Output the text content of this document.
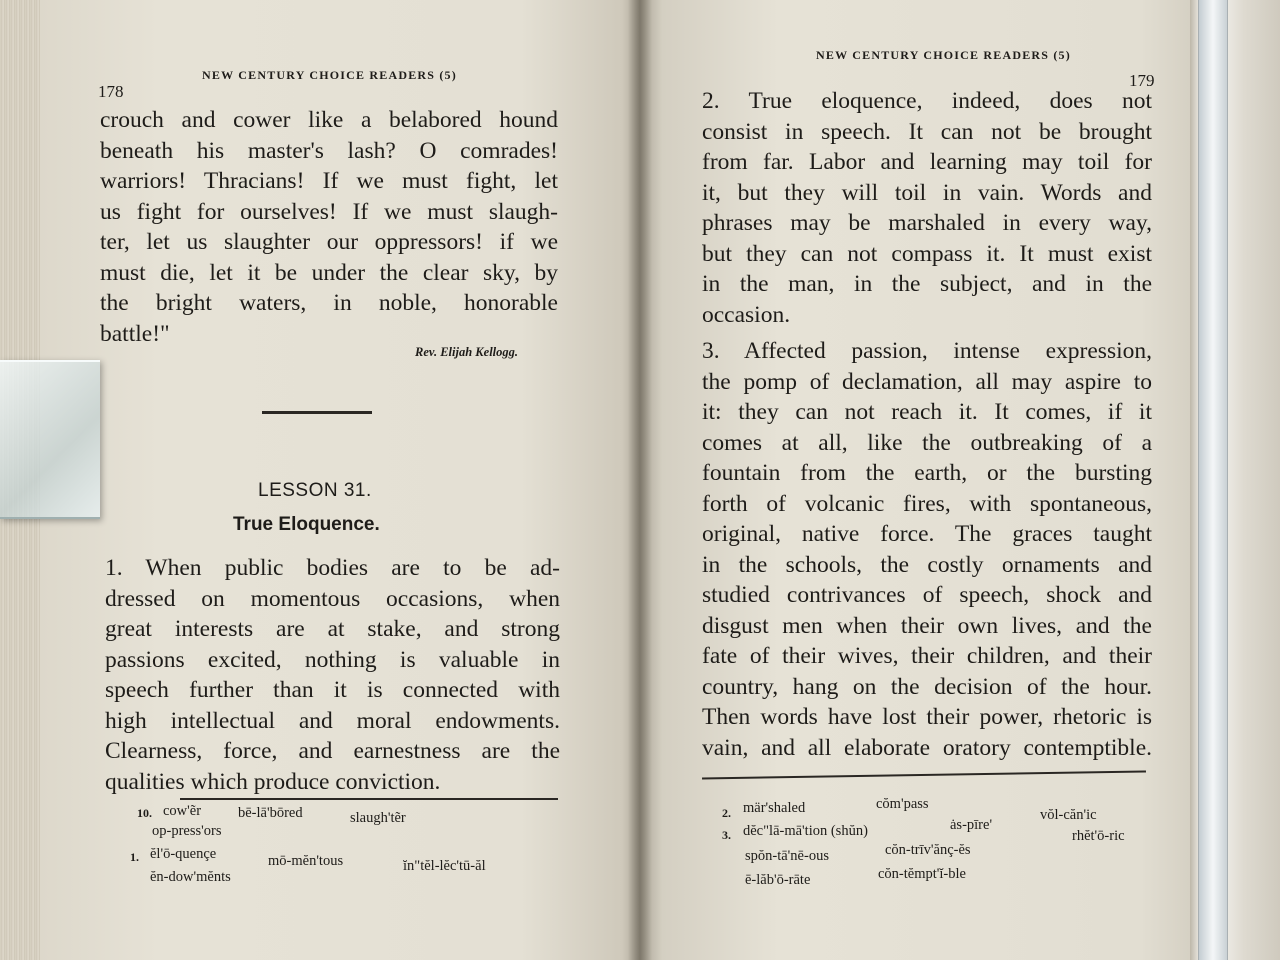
178
NEW CENTURY CHOICE READERS (5)
crouch and cower like a belabored hound
beneath his master's lash? O comrades!
warriors! Thracians! If we must fight, let
us fight for ourselves! If we must slaugh-
ter, let us slaughter our oppressors! if we
must die, let it be under the clear sky, by
the bright waters, in noble, honorable
battle!"
Rev. Elijah Kellogg.
LESSON 31.
True Eloquence.
1. When public bodies are to be ad-
dressed on momentous occasions, when
great interests are at stake, and strong
passions excited, nothing is valuable in
speech further than it is connected with
high intellectual and moral endowments.
Clearness, force, and earnestness are the
qualities which produce conviction.
10. cow'ẽr	bē-lā'bōred	slaugh'tẽr
op-press'ors
1. ĕl'ō-quençe	mō-mĕn'tous	ĭn"tĕl-lĕc'tū-ăl
ĕn-dow'mĕnts
NEW CENTURY CHOICE READERS (5)
179
2. True eloquence, indeed, does not
consist in speech. It can not be brought
from far. Labor and learning may toil for
it, but they will toil in vain. Words and
phrases may be marshaled in every way,
but they can not compass it. It must exist
in the man, in the subject, and in the
occasion.
3. Affected passion, intense expression,
the pomp of declamation, all may aspire to
it: they can not reach it. It comes, if it
comes at all, like the outbreaking of a
fountain from the earth, or the bursting
forth of volcanic fires, with spontaneous,
original, native force. The graces taught
in the schools, the costly ornaments and
studied contrivances of speech, shock and
disgust men when their own lives, and the
fate of their wives, their children, and their
country, hang on the decision of the hour.
Then words have lost their power, rhetoric is
vain, and all elaborate oratory contemptible.
2. mär'shaled	cŏm'pass
vŏl-căn'ic
3. dĕc"lā-mā'tion (shŭn)	ȧs-pīre'
rhĕt'ō-ric
spŏn-tā'nē-ous	cŏn-trīv'ănç-ĕs
ē-lăb'ō-rāte	cŏn-tĕmpt'ĭ-ble
